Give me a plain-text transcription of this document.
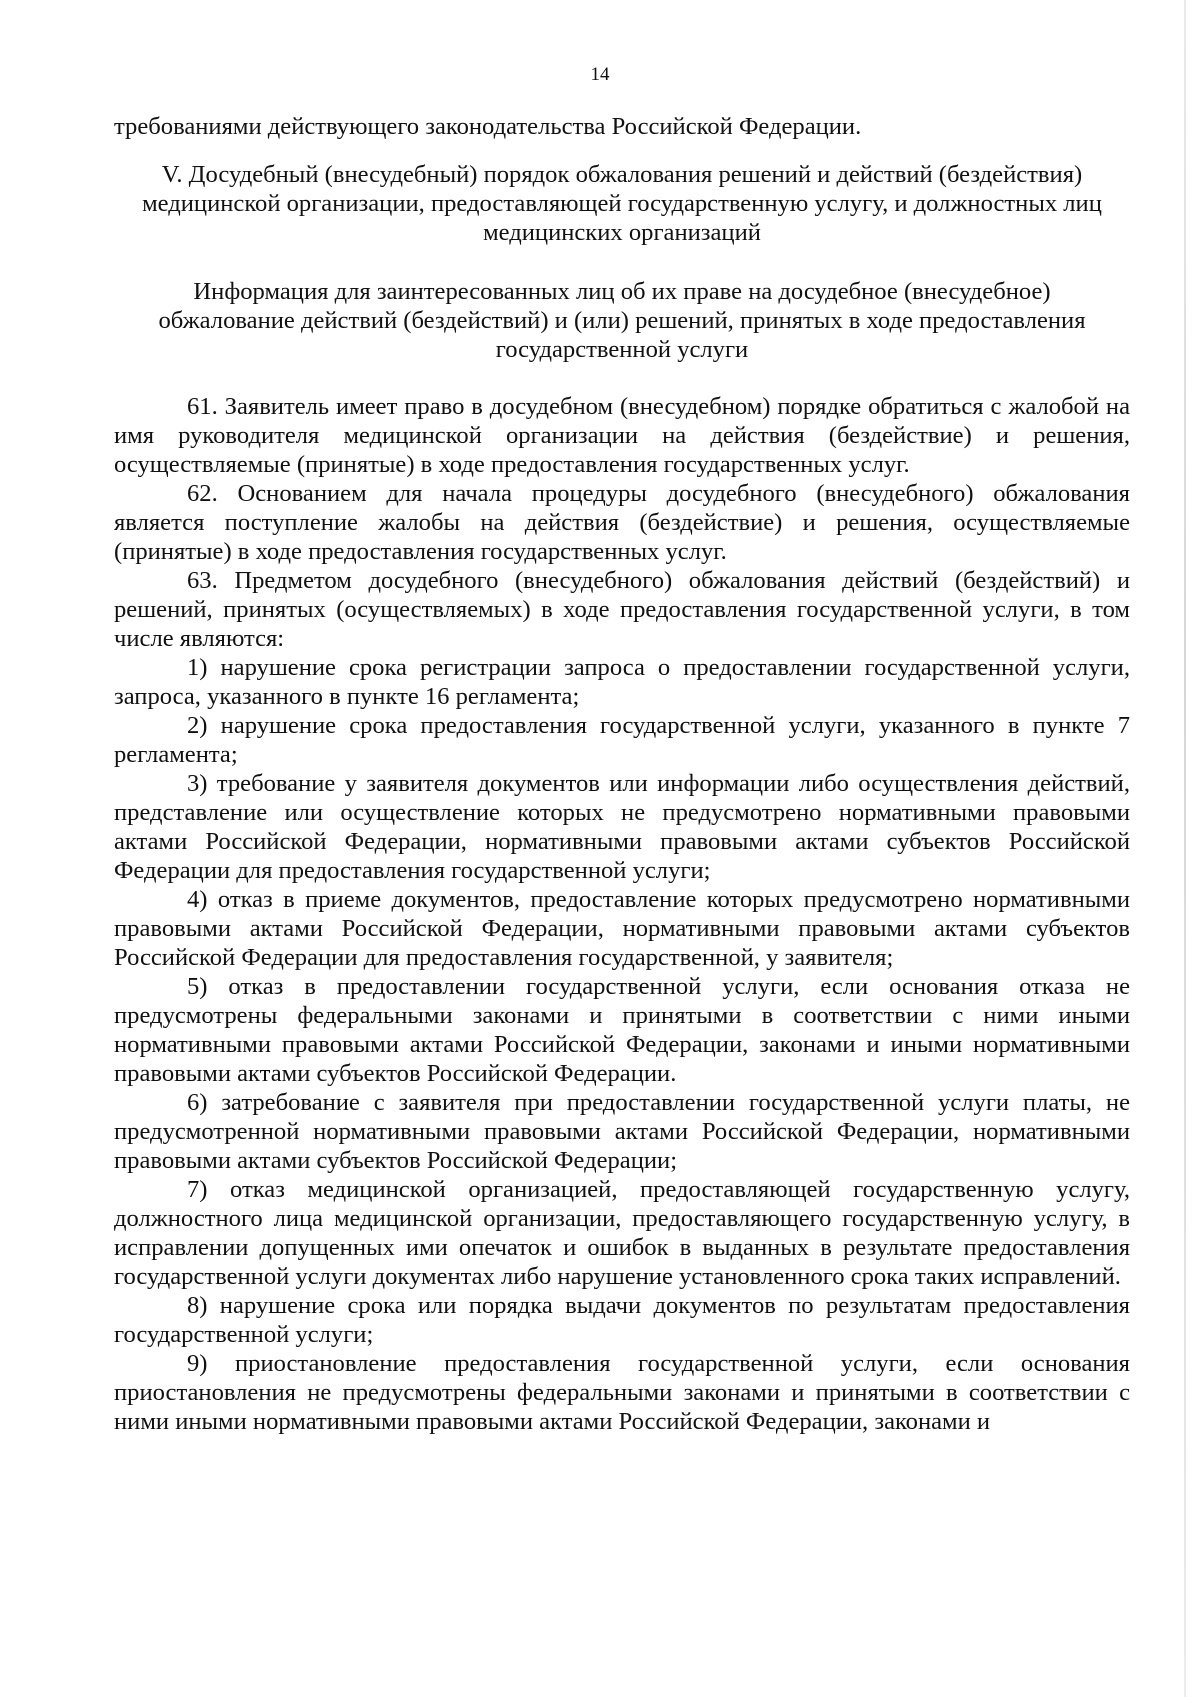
14

требованиями действующего законодательства Российской Федерации.

V. Досудебный (внесудебный) порядок обжалования решений и действий (бездействия) медицинской организации, предоставляющей государственную услугу, и должностных лиц медицинских организаций

Информация для заинтересованных лиц об их праве на досудебное (внесудебное) обжалование действий (бездействий) и (или) решений, принятых в ходе предоставления государственной услуги

61. Заявитель имеет право в досудебном (внесудебном) порядке обратиться с жалобой на имя руководителя медицинской организации на действия (бездействие) и решения, осуществляемые (принятые) в ходе предоставления государственных услуг.

62. Основанием для начала процедуры досудебного (внесудебного) обжалования является поступление жалобы на действия (бездействие) и решения, осуществляемые (принятые) в ходе предоставления государственных услуг.

63. Предметом досудебного (внесудебного) обжалования действий (бездействий) и решений, принятых (осуществляемых) в ходе предоставления государственной услуги, в том числе являются:

1) нарушение срока регистрации запроса о предоставлении государственной услуги, запроса, указанного в пункте 16 регламента;

2) нарушение срока предоставления государственной услуги, указанного в пункте 7 регламента;

3) требование у заявителя документов или информации либо осуществления действий, представление или осуществление которых не предусмотрено нормативными правовыми актами Российской Федерации, нормативными правовыми актами субъектов Российской Федерации для предоставления государственной услуги;

4) отказ в приеме документов, предоставление которых предусмотрено нормативными правовыми актами Российской Федерации, нормативными правовыми актами субъектов Российской Федерации для предоставления государственной, у заявителя;

5) отказ в предоставлении государственной услуги, если основания отказа не предусмотрены федеральными законами и принятыми в соответствии с ними иными нормативными правовыми актами Российской Федерации, законами и иными нормативными правовыми актами субъектов Российской Федерации.

6) затребование с заявителя при предоставлении государственной услуги платы, не предусмотренной нормативными правовыми актами Российской Федерации, нормативными правовыми актами субъектов Российской Федерации;

7) отказ медицинской организацией, предоставляющей государственную услугу, должностного лица медицинской организации, предоставляющего государственную услугу, в исправлении допущенных ими опечаток и ошибок в выданных в результате предоставления государственной услуги документах либо нарушение установленного срока таких исправлений.

8) нарушение срока или порядка выдачи документов по результатам предоставления государственной услуги;

9) приостановление предоставления государственной услуги, если основания приостановления не предусмотрены федеральными законами и принятыми в соответствии с ними иными нормативными правовыми актами Российской Федерации, законами и
